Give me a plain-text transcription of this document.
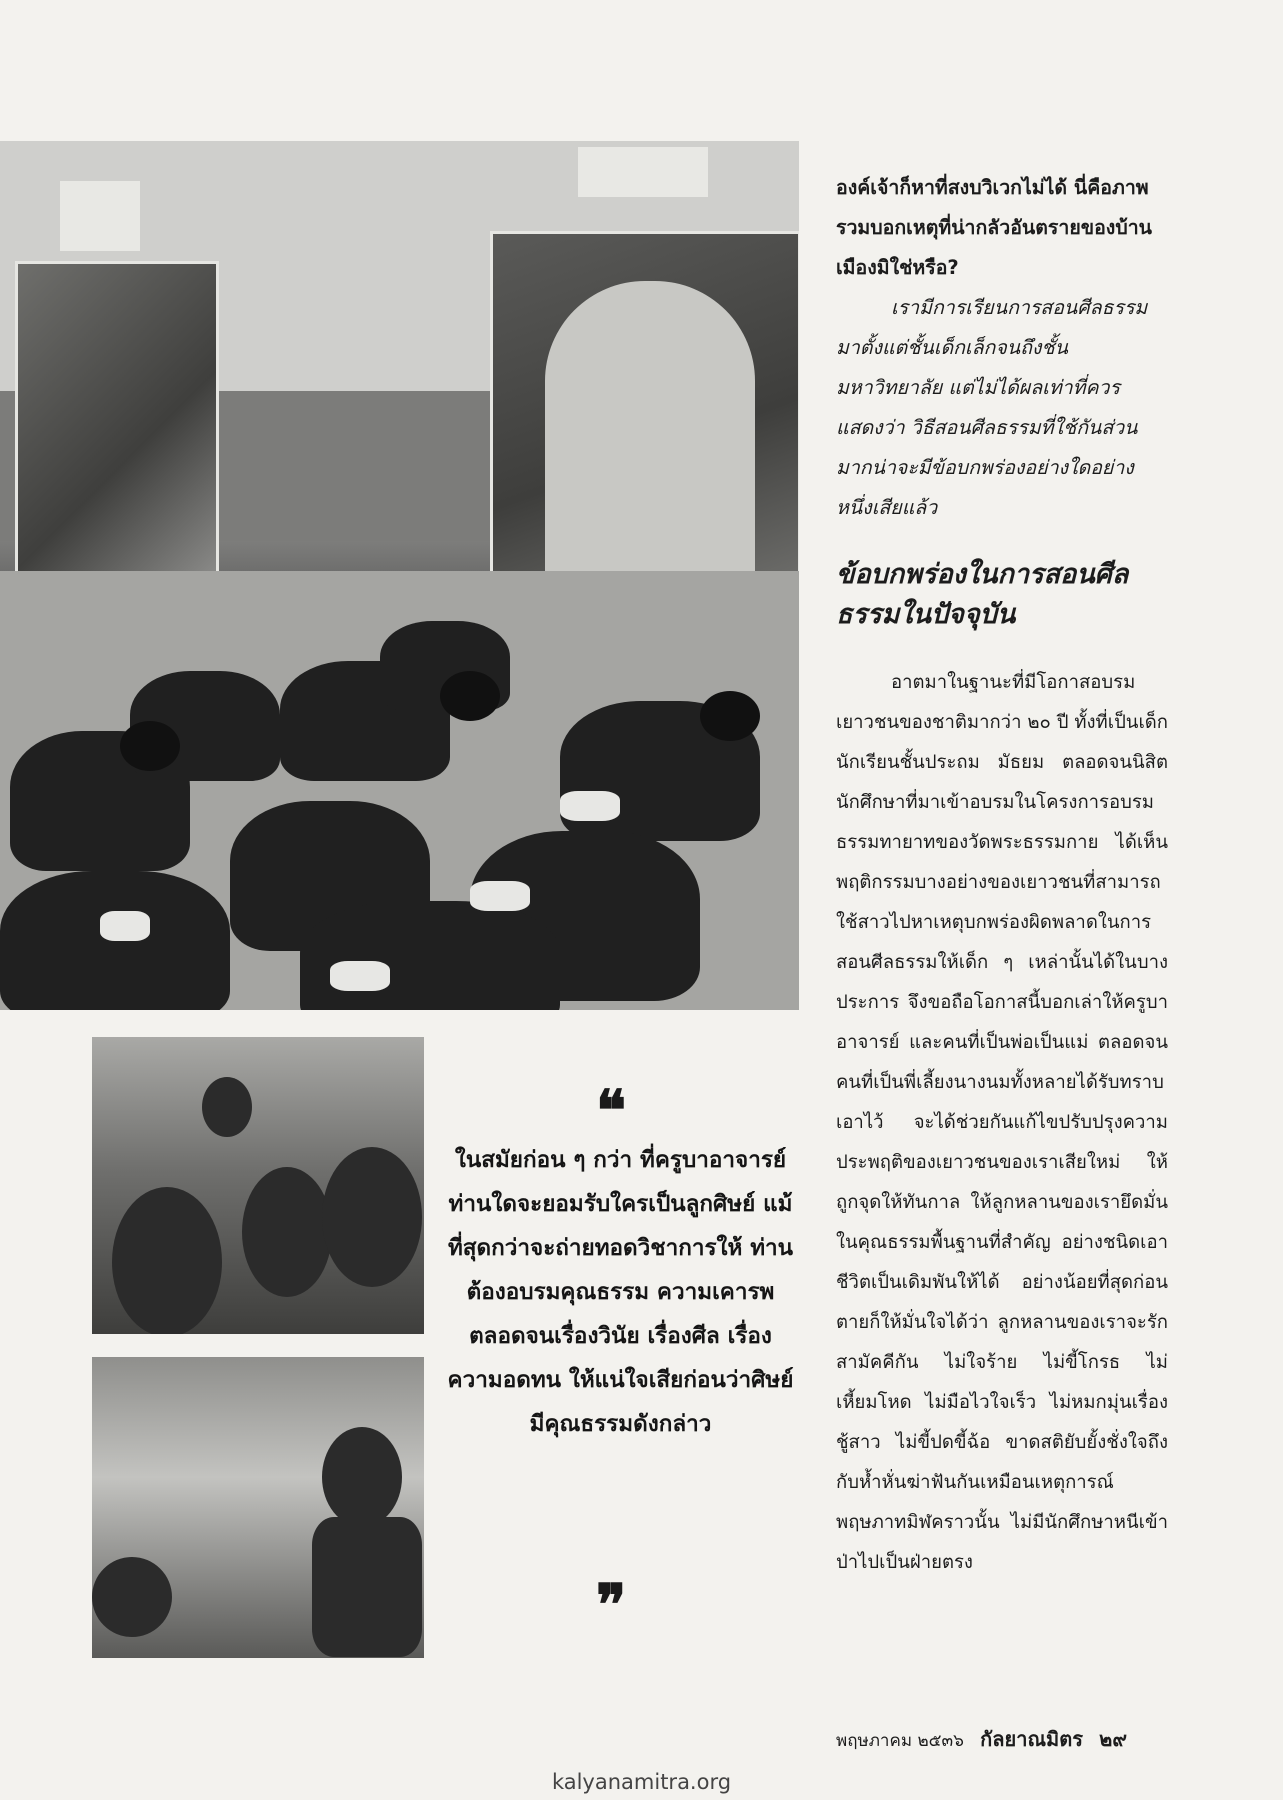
❝
ในสมัยก่อน ๆ กว่า ที่ครูบาอาจารย์ท่านใดจะยอมรับใครเป็นลูกศิษย์ แม้ที่สุดกว่าจะถ่ายทอดวิชาการให้ ท่านต้องอบรมคุณธรรม ความเคารพ ตลอดจนเรื่องวินัย เรื่องศีล เรื่องความอดทน ให้แน่ใจเสียก่อนว่าศิษย์มีคุณธรรมดังกล่าว
❞

องค์เจ้าก็หาที่สงบวิเวกไม่ได้ นี่คือภาพรวมบอกเหตุที่น่ากลัวอันตรายของบ้านเมืองมิใช่หรือ?

เรามีการเรียนการสอนศีลธรรมมาตั้งแต่ชั้นเด็กเล็กจนถึงชั้นมหาวิทยาลัย แต่ไม่ได้ผลเท่าที่ควร แสดงว่า วิธีสอนศีลธรรมที่ใช้กันส่วนมากน่าจะมีข้อบกพร่องอย่างใดอย่างหนึ่งเสียแล้ว

ข้อบกพร่องในการสอนศีลธรรมในปัจจุบัน

อาตมาในฐานะที่มีโอกาสอบรมเยาวชนของชาติมากว่า ๒๐ ปี ทั้งที่เป็นเด็กนักเรียนชั้นประถม มัธยม ตลอดจนนิสิตนักศึกษาที่มาเข้าอบรมในโครงการอบรมธรรมทายาทของวัดพระธรรมกาย ได้เห็นพฤติกรรมบางอย่างของเยาวชนที่สามารถใช้สาวไปหาเหตุบกพร่องผิดพลาดในการสอนศีลธรรมให้เด็ก ๆ เหล่านั้นได้ในบางประการ จึงขอถือโอกาสนี้บอกเล่าให้ครูบาอาจารย์ และคนที่เป็นพ่อเป็นแม่ ตลอดจนคนที่เป็นพี่เลี้ยงนางนมทั้งหลายได้รับทราบเอาไว้ จะได้ช่วยกันแก้ไขปรับปรุงความประพฤติของเยาวชนของเราเสียใหม่ ให้ถูกจุดให้ทันกาล ให้ลูกหลานของเรายึดมั่นในคุณธรรมพื้นฐานที่สำคัญ อย่างชนิดเอาชีวิตเป็นเดิมพันให้ได้ อย่างน้อยที่สุดก่อนตายก็ให้มั่นใจได้ว่า ลูกหลานของเราจะรักสามัคคีกัน ไม่ใจร้าย ไม่ขี้โกรธ ไม่เหี้ยมโหด ไม่มือไวใจเร็ว ไม่หมกมุ่นเรื่องชู้สาว ไม่ขี้ปดขี้ฉ้อ ขาดสติยับยั้งชั่งใจถึงกับห้ำหั่นฆ่าฟันกันเหมือนเหตุการณ์พฤษภาทมิฬคราวนั้น ไม่มีนักศึกษาหนีเข้าป่าไปเป็นฝ่ายตรง

พฤษภาคม ๒๕๓๖ กัลยาณมิตร ๒๙
kalyanamitra.org
